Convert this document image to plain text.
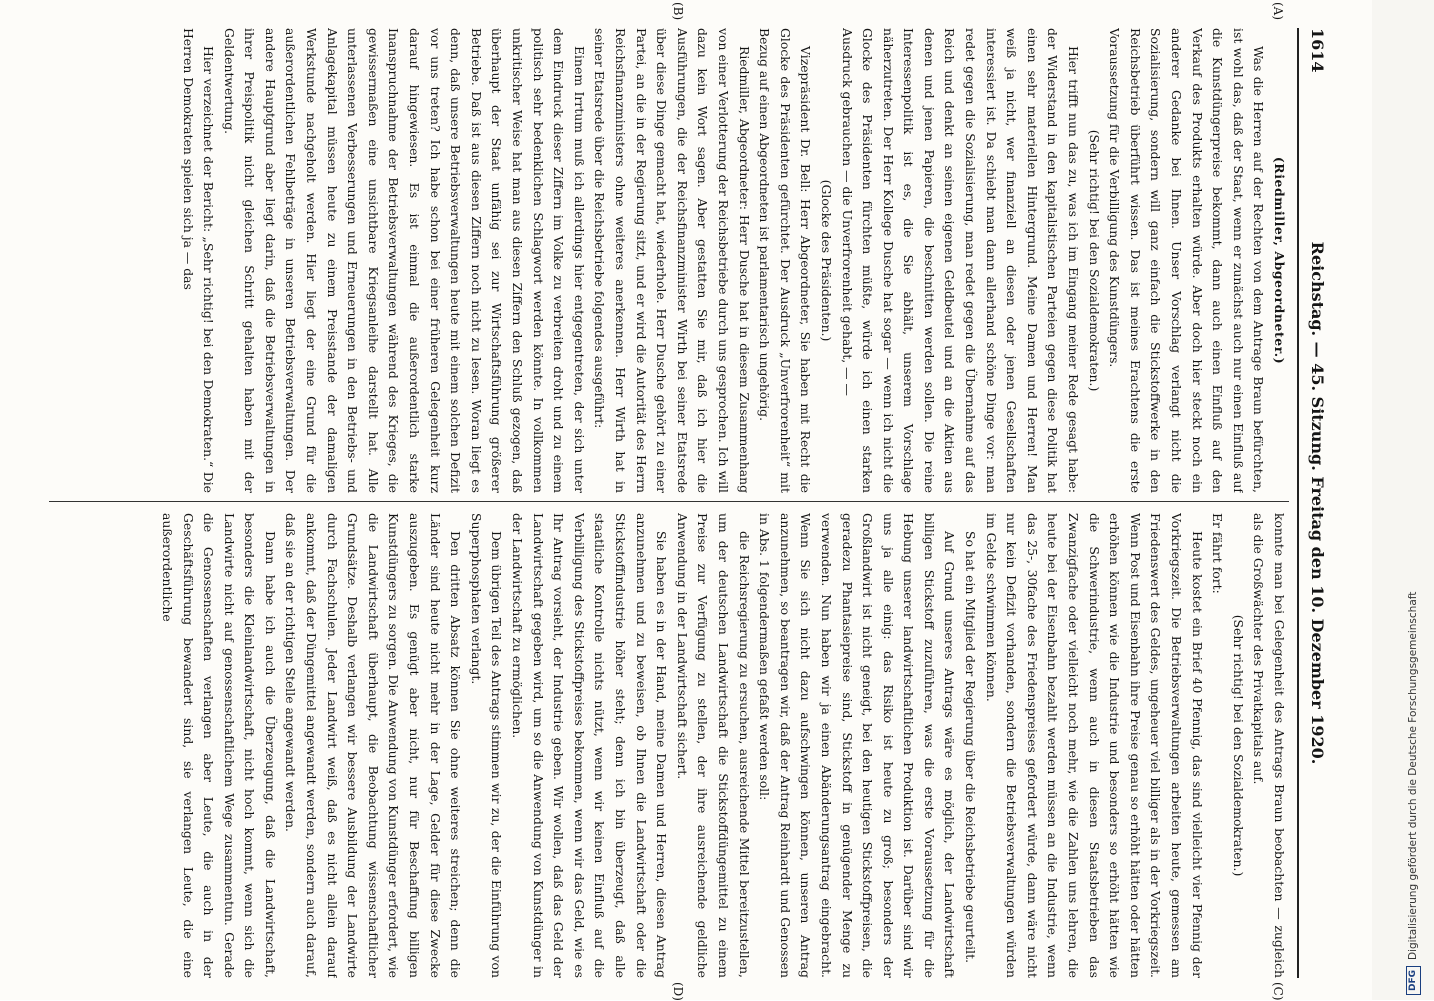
1614
Reichstag. — 45. Sitzung. Freitag den 10. Dezember 1920.
(A)
(B)
(C)
(D)

(Riedmiller, Abgeordneter.)

Was die Herren auf der Rechten von dem Antrage Braun befürchten, ist wohl das, daß der Staat, wenn er zunächst auch nur einen Einfluß auf die Kunstdüngerpreise bekommt, dann auch einen Einfluß auf den Verkauf des Produkts erhalten würde. Aber doch hier steckt noch ein anderer Gedanke bei Ihnen. Unser Vorschlag verlangt nicht die Sozialisierung, sondern will ganz einfach die Stickstoffwerke in den Reichsbetrieb überführt wissen. Das ist meines Erachtens die erste Voraussetzung für die Verbilligung des Kunstdüngers.

(Sehr richtig! bei den Sozialdemokraten.)

Hier trifft nun das zu, was ich im Eingang meiner Rede gesagt habe: der Widerstand in den kapitalistischen Parteien gegen diese Politik hat einen sehr materiellen Hintergrund. Meine Damen und Herren! Man weiß ja nicht, wer finanziell an diesen oder jenen Gesellschaften interessiert ist. Da schiebt man dann allerhand schöne Dinge vor: man redet gegen die Sozialisierung, man redet gegen die Übernahme auf das Reich und denkt an seinen eigenen Geldbeutel und an die Aktien aus denen und jenen Papieren, die beschnitten werden sollen. Die reine Interessenpolitik ist es, die Sie abhält, unserem Vorschlage näherzutreten. Der Herr Kollege Dusche hat sogar — wenn ich nicht die Glocke des Präsidenten fürchten müßte, würde ich einen starken Ausdruck gebrauchen — die Unverfrorenheit gehabt, — —

(Glocke des Präsidenten.)

Vizepräsident Dr. Bell: Herr Abgeordneter, Sie haben mit Recht die Glocke des Präsidenten gefürchtet. Der Ausdruck „Unverfrorenheit“ mit Bezug auf einen Abgeordneten ist parlamentarisch ungehörig.

Riedmiller, Abgeordneter: Herr Dusche hat in diesem Zusammenhang von einer Verlotterung der Reichsbetriebe durch uns gesprochen. Ich will dazu kein Wort sagen. Aber gestatten Sie mir, daß ich hier die Ausführungen, die der Reichsfinanzminister Wirth bei seiner Etatsrede über diese Dinge gemacht hat, wiederhole. Herr Dusche gehört zu einer Partei, an die in der Regierung sitzt, und er wird die Autorität des Herrn Reichsfinanzministers ohne weiteres anerkennen. Herr Wirth hat in seiner Etatsrede über die Reichsbetriebe folgendes ausgeführt:

Einem Irrtum muß ich allerdings hier entgegentreten, der sich unter dem Eindruck dieser Ziffern im Volke zu verbreiten droht und zu einem politisch sehr bedenklichen Schlagwort werden könnte. In vollkommen unkritischer Weise hat man aus diesen Ziffern den Schluß gezogen, daß überhaupt der Staat unfähig sei zur Wirtschaftsführung größerer Betriebe. Daß ist aus diesen Ziffern noch nicht zu lesen. Woran liegt es denn, daß unsere Betriebsverwaltungen heute mit einem solchen Defizit vor uns treten? Ich habe schon bei einer früheren Gelegenheit kurz darauf hingewiesen. Es ist einmal die außerordentlich starke Inanspruchnahme der Betriebsverwaltungen während des Krieges, die gewissermaßen eine unsichtbare Kriegsanleihe darstellt hat. Alle unterlassenen Verbesserungen und Erneuerungen in den Betriebs- und Anlagekapital müssen heute zu einem Preisstande der damaligen Werkstunde nachgeholt werden. Hier liegt der eine Grund für die außerordentlichen Fehlbeträge in unseren Betriebsverwaltungen. Der andere Hauptgrund aber liegt darin, daß die Betriebsverwaltungen in ihrer Preispolitik nicht gleichen Schritt gehalten haben mit der Geldentwertung.

Hier verzeichnet der Bericht: „Sehr richtig! bei den Demokraten.“ Die Herren Demokraten spielen sich ja — das

konnte man bei Gelegenheit des Antrags Braun beobachten — zugleich als die Großwächter des Privatkapitals auf.

(Sehr richtig! bei den Sozialdemokraten.)

Er fährt fort:

Heute kostet ein Brief 40 Pfennig, das sind vielleicht vier Pfennig der Vorkriegszeit. Die Betriebsverwaltungen arbeiten heute, gemessen am Friedenswert des Geldes, ungeheuer viel billiger als in der Vorkriegszeit. Wenn Post und Eisenbahn ihre Preise genau so erhöht hätten oder hätten erhöhen können wie die Industrie und besonders so erhöht hätten wie die Schwerindustrie, wenn auch in diesen Staatsbetrieben das Zwanzigfache oder vielleicht noch mehr, wie die Zahlen uns lehren, die heute bei der Eisenbahn bezahlt werden müssen an die Industrie, wenn das 25-, 30fache des Friedenspreises gefordert würde, dann wäre nicht nur kein Defizit vorhanden, sondern die Betriebsverwaltungen würden im Gelde schwimmen können.

So hat ein Mitglied der Regierung über die Reichsbetriebe geurteilt.

Auf Grund unseres Antrags wäre es möglich, der Landwirtschaft billigen Stickstoff zuzuführen, was die erste Voraussetzung für die Hebung unserer landwirtschaftlichen Produktion ist. Darüber sind wir uns ja alle einig: das Risiko ist heute zu groß; besonders der Großlandwirt ist nicht geneigt, bei den heutigen Stickstoffpreisen, die geradezu Phantasiepreise sind, Stickstoff in genügender Menge zu verwenden. Nun haben wir ja einen Abänderungsantrag eingebracht. Wenn Sie sich nicht dazu aufschwingen können, unseren Antrag anzunehmen, so beantragen wir, daß der Antrag Reinhardt und Genossen in Abs. 1 folgendermaßen gefaßt werden soll:

die Reichsregierung zu ersuchen, ausreichende Mittel bereitzustellen, um der deutschen Landwirtschaft die Stickstoffdüngemittel zu einem Preise zur Verfügung zu stellen, der ihre ausreichende geldliche Anwendung in der Landwirtschaft sichert.

Sie haben es in der Hand, meine Damen und Herren, diesen Antrag anzunehmen und zu beweisen, ob Ihnen die Landwirtschaft oder die Stickstoffindustrie höher steht; denn ich bin überzeugt, daß alle staatliche Kontrolle nichts nützt, wenn wir keinen Einfluß auf die Verbilligung des Stickstoffpreises bekommen, wenn wir das Geld, wie es Ihr Antrag vorsieht, der Industrie geben. Wir wollen, daß das Geld der Landwirtschaft gegeben wird, um so die Anwendung von Kunstdünger in der Landwirtschaft zu ermöglichen.

Dem übrigen Teil des Antrags stimmen wir zu, der die Einführung von Superphosphaten verlangt.

Den dritten Absatz können Sie ohne weiteres streichen; denn die Länder sind heute nicht mehr in der Lage, Gelder für diese Zwecke auszugeben. Es genügt aber nicht, nur für Beschaffung billigen Kunstdüngers zu sorgen. Die Anwendung von Kunstdünger erfordert, wie die Landwirtschaft überhaupt, die Beobachtung wissenschaftlicher Grundsätze. Deshalb verlangen wir bessere Ausbildung der Landwirte durch Fachschulen. Jeder Landwirt weiß, daß es nicht allein darauf ankommt, daß der Düngemittel angewandt werden, sondern auch darauf, daß sie an der richtigen Stelle angewandt werden.

Dann habe ich auch die Überzeugung, daß die Landwirtschaft, besonders die Kleinlandwirtschaft, nicht hoch kommt, wenn sich die Landwirte nicht auf genossenschaftlichem Wege zusammentun. Gerade die Genossenschaften verlangen aber Leute, die auch in der Geschäftsführung bewandert sind, sie verlangen Leute, die eine außerordentliche

DFG
Digitalisierung gefördert durch die Deutsche Forschungsgemeinschaft
